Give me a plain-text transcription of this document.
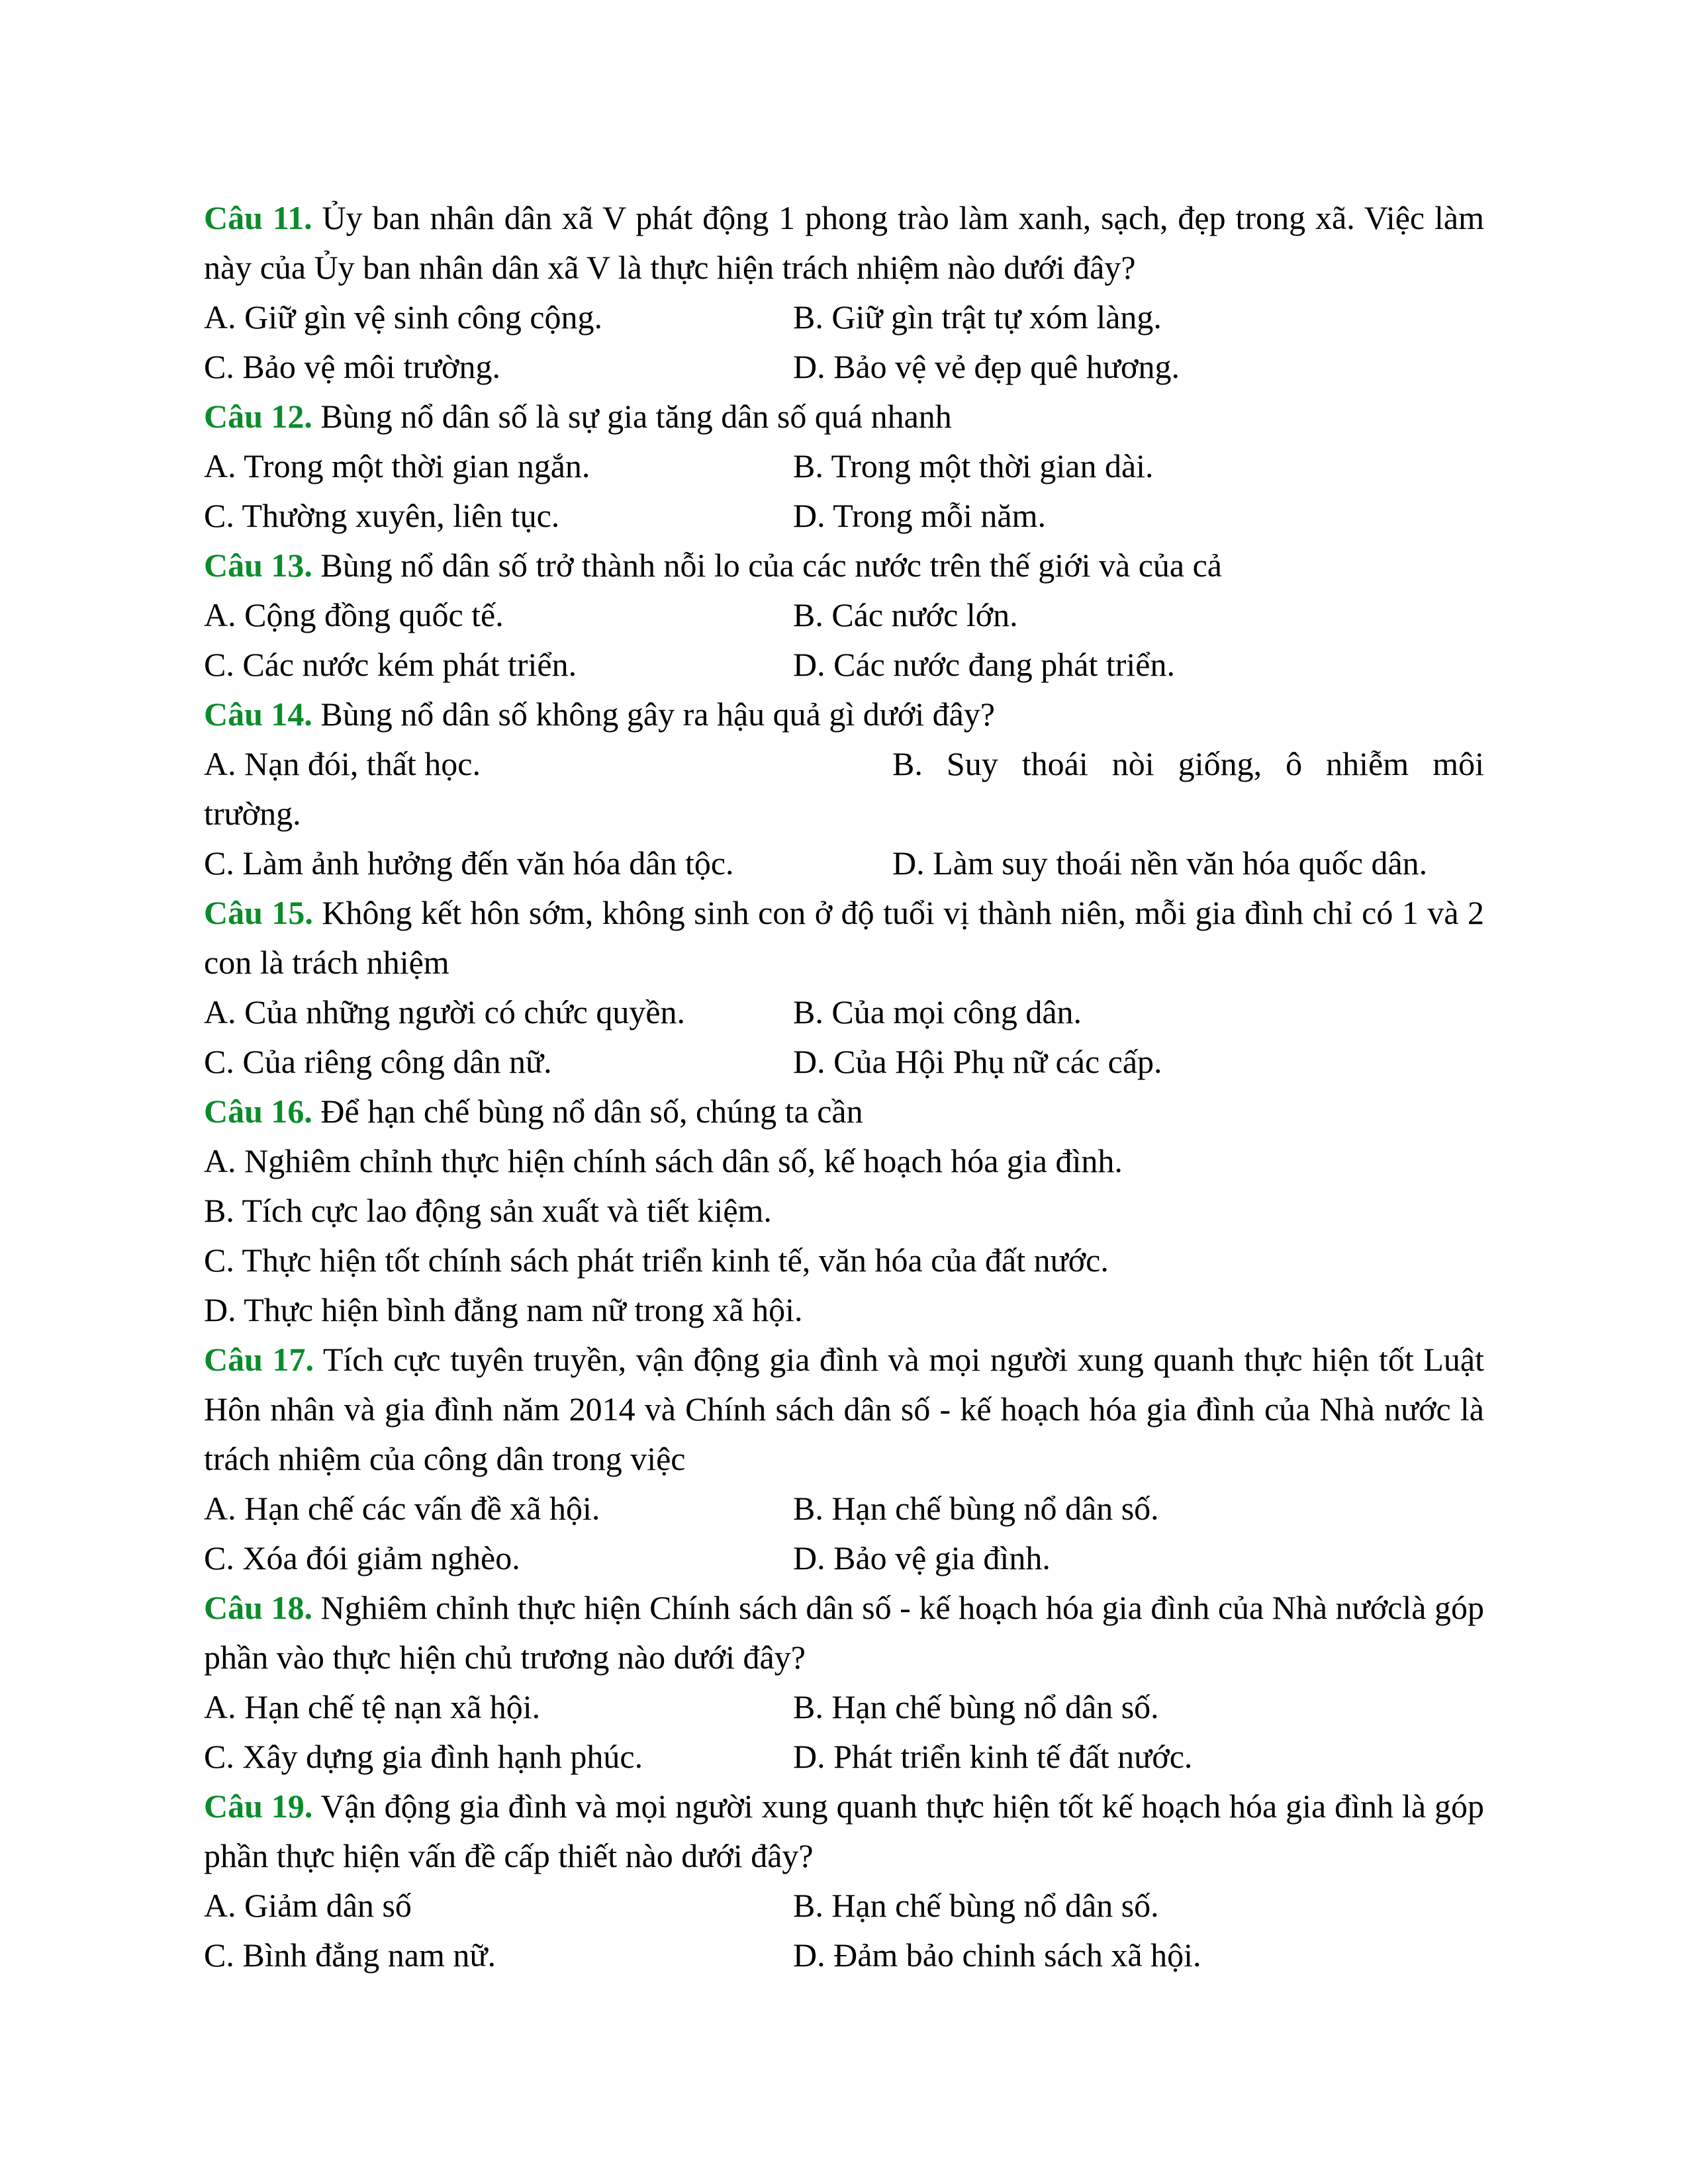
Câu 11. Ủy ban nhân dân xã V phát động 1 phong trào làm xanh, sạch, đẹp trong xã. Việc làm này của Ủy ban nhân dân xã V là thực hiện trách nhiệm nào dưới đây?

A. Giữ gìn vệ sinh công cộng.	B. Giữ gìn trật tự xóm làng.
C. Bảo vệ môi trường.	D. Bảo vệ vẻ đẹp quê hương.

Câu 12. Bùng nổ dân số là sự gia tăng dân số quá nhanh

A. Trong một thời gian ngắn.	B. Trong một thời gian dài.
C. Thường xuyên, liên tục.	D. Trong mỗi năm.

Câu 13. Bùng nổ dân số trở thành nỗi lo của các nước trên thế giới và của cả

A. Cộng đồng quốc tế.	B. Các nước lớn.
C. Các nước kém phát triển.	D. Các nước đang phát triển.

Câu 14. Bùng nổ dân số không gây ra hậu quả gì dưới đây?

A. Nạn đói, thất học.	B. Suy thoái nòi giống, ô nhiễm môi

trường.

C. Làm ảnh hưởng đến văn hóa dân tộc.	D. Làm suy thoái nền văn hóa quốc dân.

Câu 15. Không kết hôn sớm, không sinh con ở độ tuổi vị thành niên, mỗi gia đình chỉ có 1 và 2 con là trách nhiệm

A. Của những người có chức quyền.	B. Của mọi công dân.
C. Của riêng công dân nữ.	D. Của Hội Phụ nữ các cấp.

Câu 16. Để hạn chế bùng nổ dân số, chúng ta cần

A. Nghiêm chỉnh thực hiện chính sách dân số, kế hoạch hóa gia đình.

B. Tích cực lao động sản xuất và tiết kiệm.

C. Thực hiện tốt chính sách phát triển kinh tế, văn hóa của đất nước.

D. Thực hiện bình đẳng nam nữ trong xã hội.

Câu 17. Tích cực tuyên truyền, vận động gia đình và mọi người xung quanh thực hiện tốt Luật Hôn nhân và gia đình năm 2014 và Chính sách dân số - kế hoạch hóa gia đình của Nhà nước là trách nhiệm của công dân trong việc

A. Hạn chế các vấn đề xã hội.	B. Hạn chế bùng nổ dân số.
C. Xóa đói giảm nghèo.	D. Bảo vệ gia đình.

Câu 18. Nghiêm chỉnh thực hiện Chính sách dân số - kế hoạch hóa gia đình của Nhà nướclà góp phần vào thực hiện chủ trương nào dưới đây?

A. Hạn chế tệ nạn xã hội.	B. Hạn chế bùng nổ dân số.
C. Xây dựng gia đình hạnh phúc.	D. Phát triển kinh tế đất nước.

Câu 19. Vận động gia đình và mọi người xung quanh thực hiện tốt kế hoạch hóa gia đình là góp phần thực hiện vấn đề cấp thiết nào dưới đây?

A. Giảm dân số	B. Hạn chế bùng nổ dân số.
C. Bình đẳng nam nữ.	D. Đảm bảo chinh sách xã hội.
